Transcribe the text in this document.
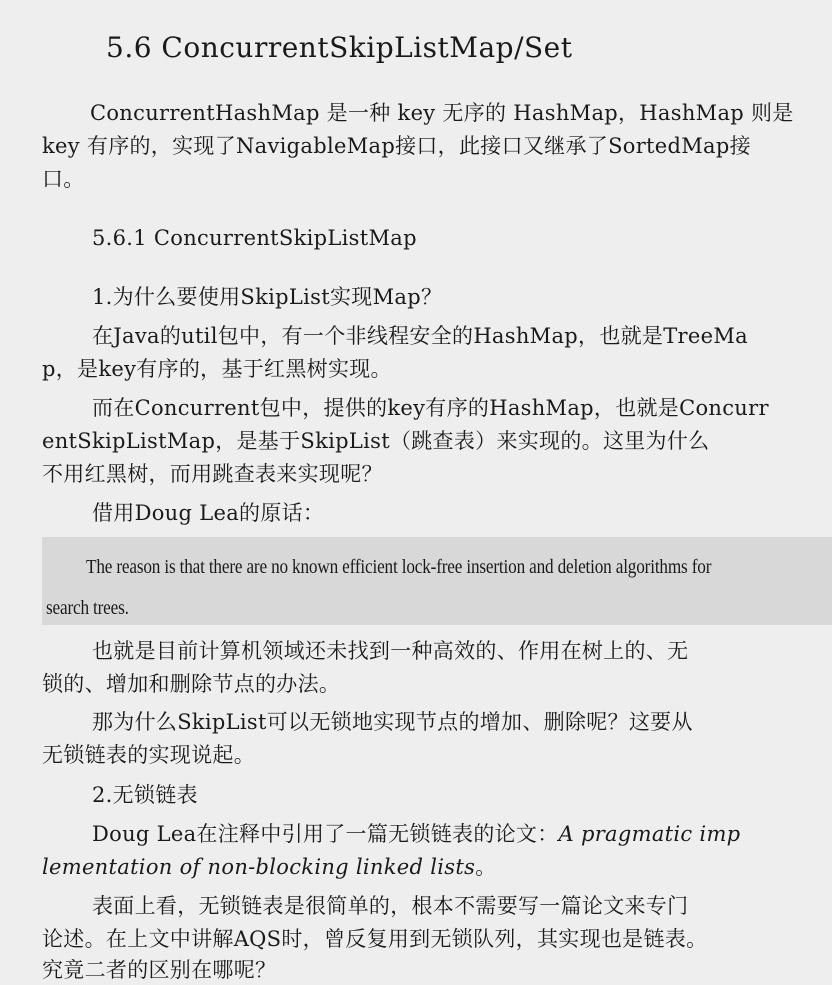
5.6 ConcurrentSkipListMap/Set
ConcurrentHashMap 是一种 key 无序的 HashMap，HashMap 则是
key 有序的，实现了NavigableMap接口，此接口又继承了SortedMap接
口。
5.6.1 ConcurrentSkipListMap
1.为什么要使用SkipList实现Map？
在Java的util包中，有一个非线程安全的HashMap，也就是TreeMa
p，是key有序的，基于红黑树实现。
而在Concurrent包中，提供的key有序的HashMap，也就是Concurr
entSkipListMap，是基于SkipList（跳查表）来实现的。这里为什么
不用红黑树，而用跳查表来实现呢？
借用Doug Lea的原话：
The reason is that there are no known efficient lock-free insertion and deletion algorithms for
search trees.
也就是目前计算机领域还未找到一种高效的、作用在树上的、无
锁的、增加和删除节点的办法。
那为什么SkipList可以无锁地实现节点的增加、删除呢？这要从
无锁链表的实现说起。
2.无锁链表
Doug Lea在注释中引用了一篇无锁链表的论文：A pragmatic imp
lementation of non-blocking linked lists。
表面上看，无锁链表是很简单的，根本不需要写一篇论文来专门
论述。在上文中讲解AQS时，曾反复用到无锁队列，其实现也是链表。
究竟二者的区别在哪呢？
